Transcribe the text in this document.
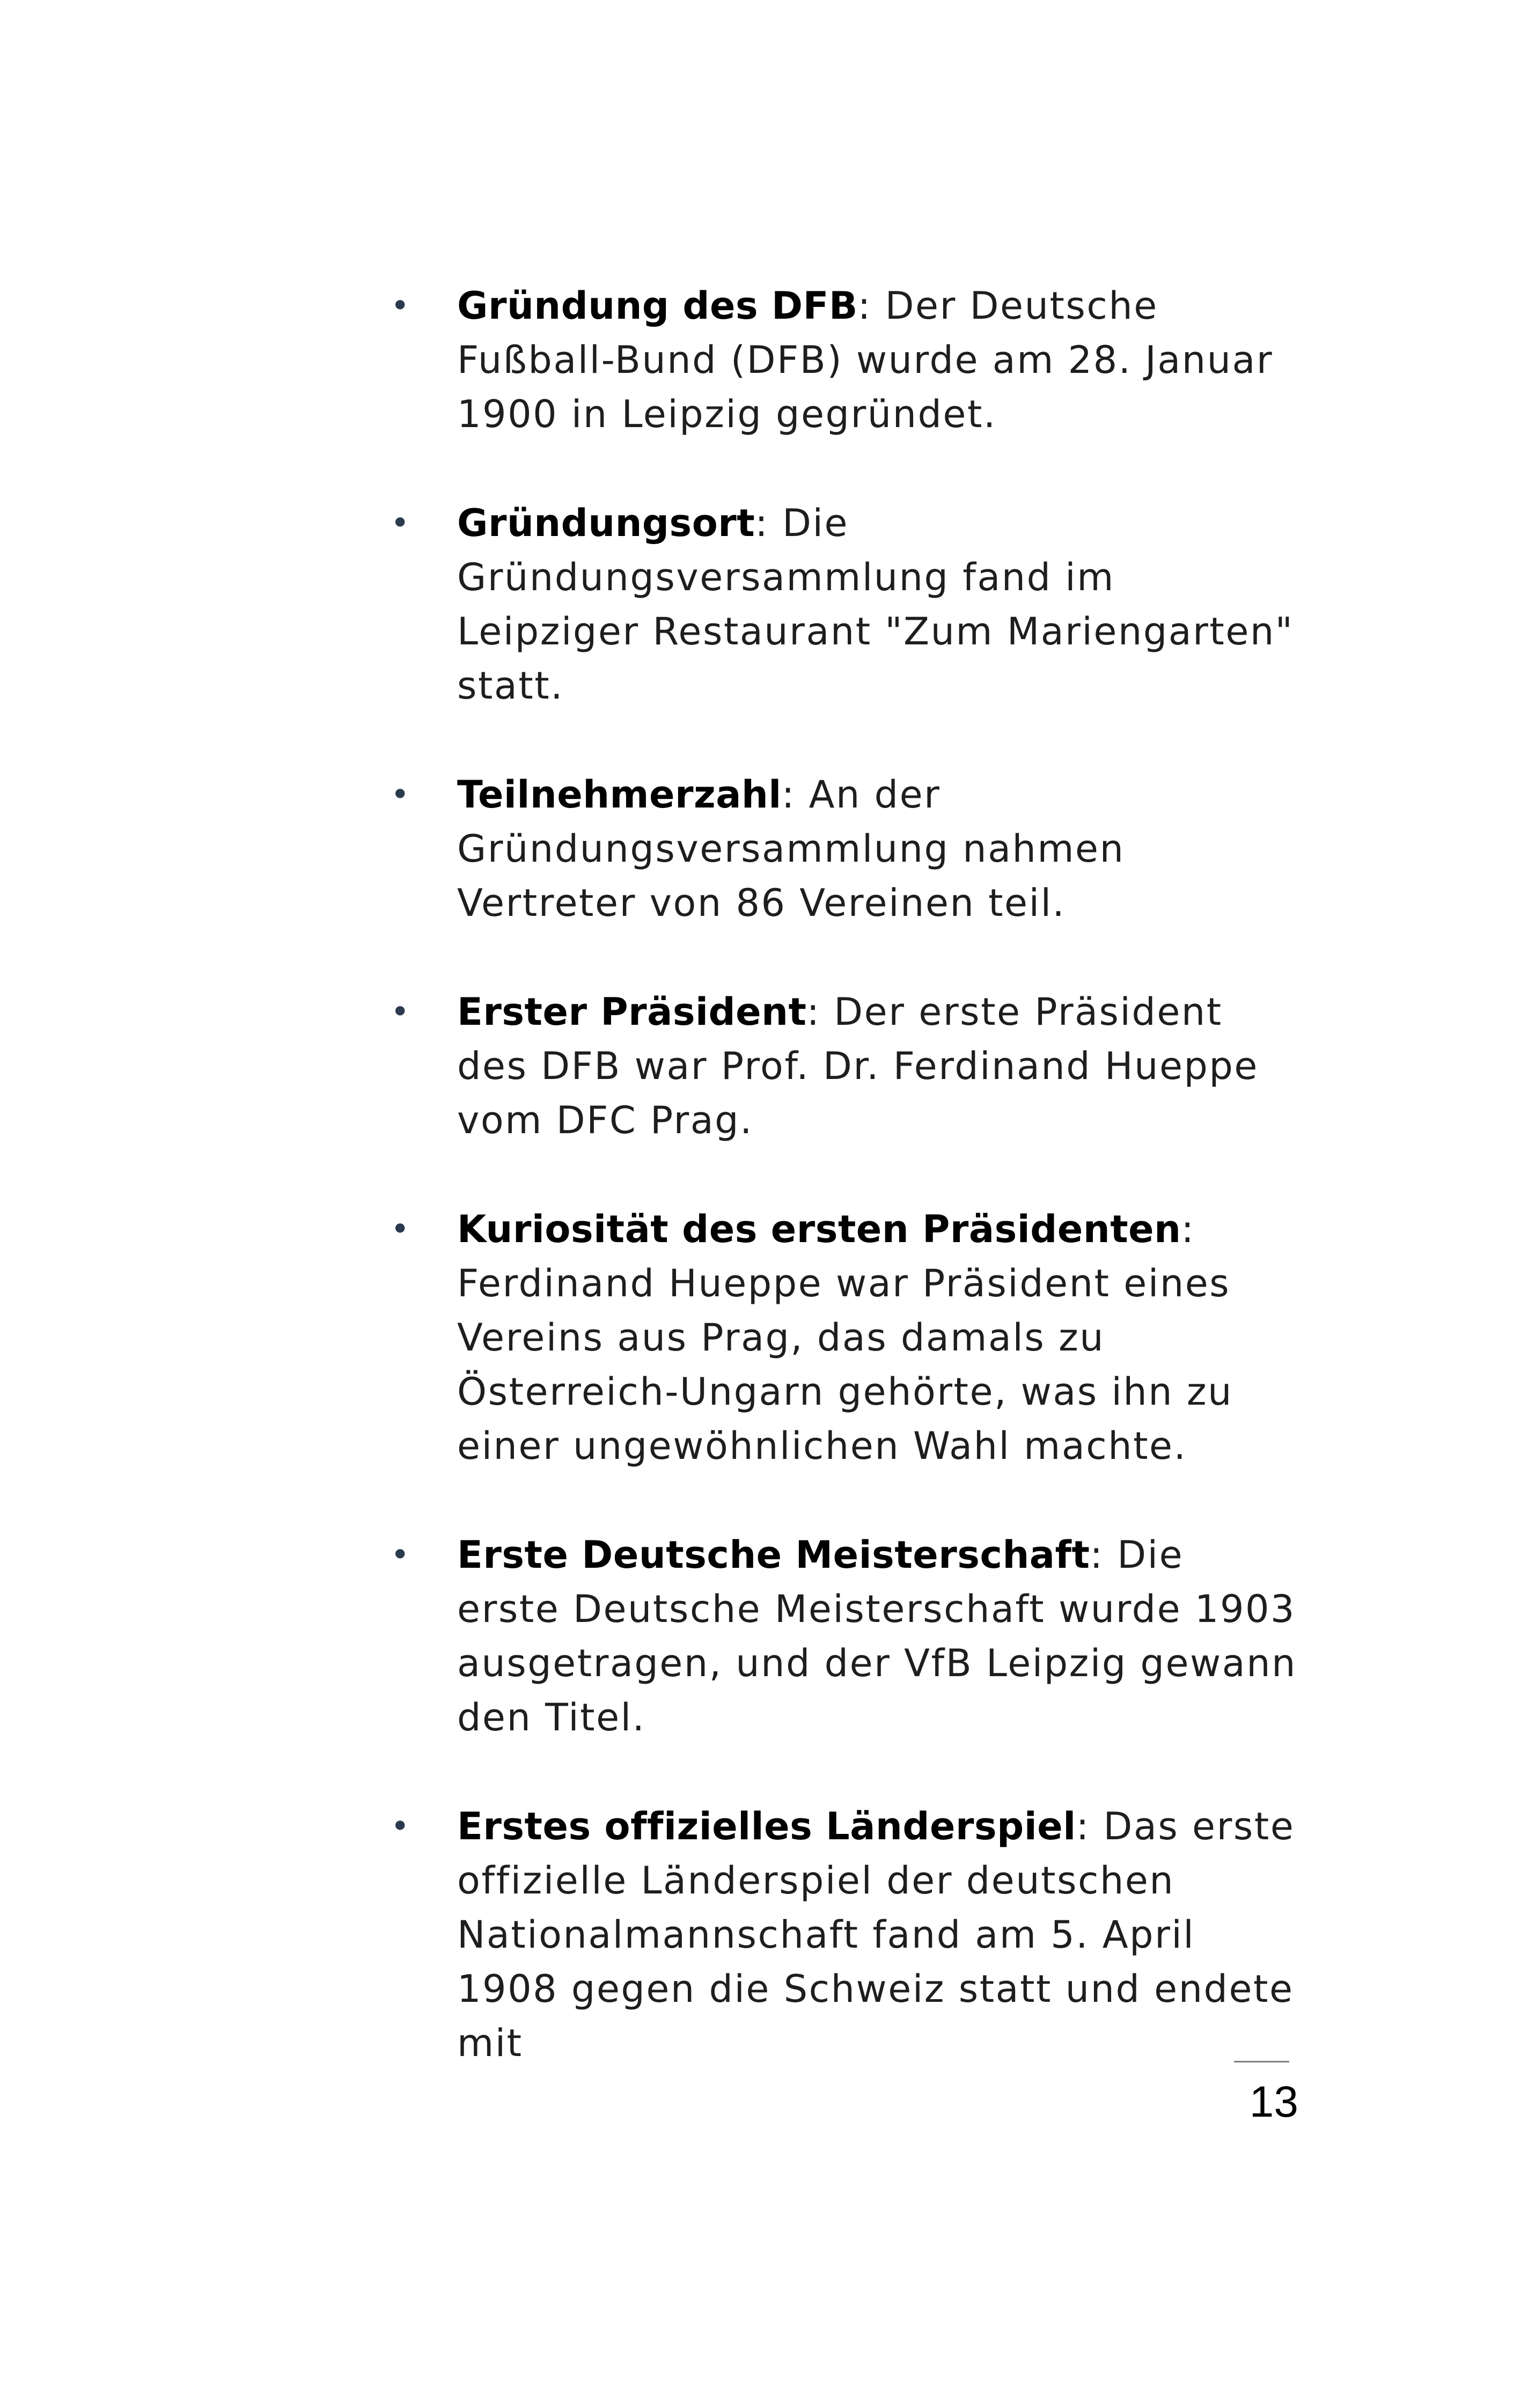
• Gründung des DFB: Der Deutsche Fußball-Bund (DFB) wurde am 28. Januar 1900 in Leipzig gegründet.
• Gründungsort: Die Gründungsversammlung fand im Leipziger Restaurant "Zum Mariengarten" statt.
• Teilnehmerzahl: An der Gründungsversammlung nahmen Vertreter von 86 Vereinen teil.
• Erster Präsident: Der erste Präsident des DFB war Prof. Dr. Ferdinand Hueppe vom DFC Prag.
• Kuriosität des ersten Präsidenten: Ferdinand Hueppe war Präsident eines Vereins aus Prag, das damals zu Österreich-Ungarn gehörte, was ihn zu einer ungewöhnlichen Wahl machte.
• Erste Deutsche Meisterschaft: Die erste Deutsche Meisterschaft wurde 1903 ausgetragen, und der VfB Leipzig gewann den Titel.
• Erstes offizielles Länderspiel: Das erste offizielle Länderspiel der deutschen Nationalmannschaft fand am 5. April 1908 gegen die Schweiz statt und endete mit
13
